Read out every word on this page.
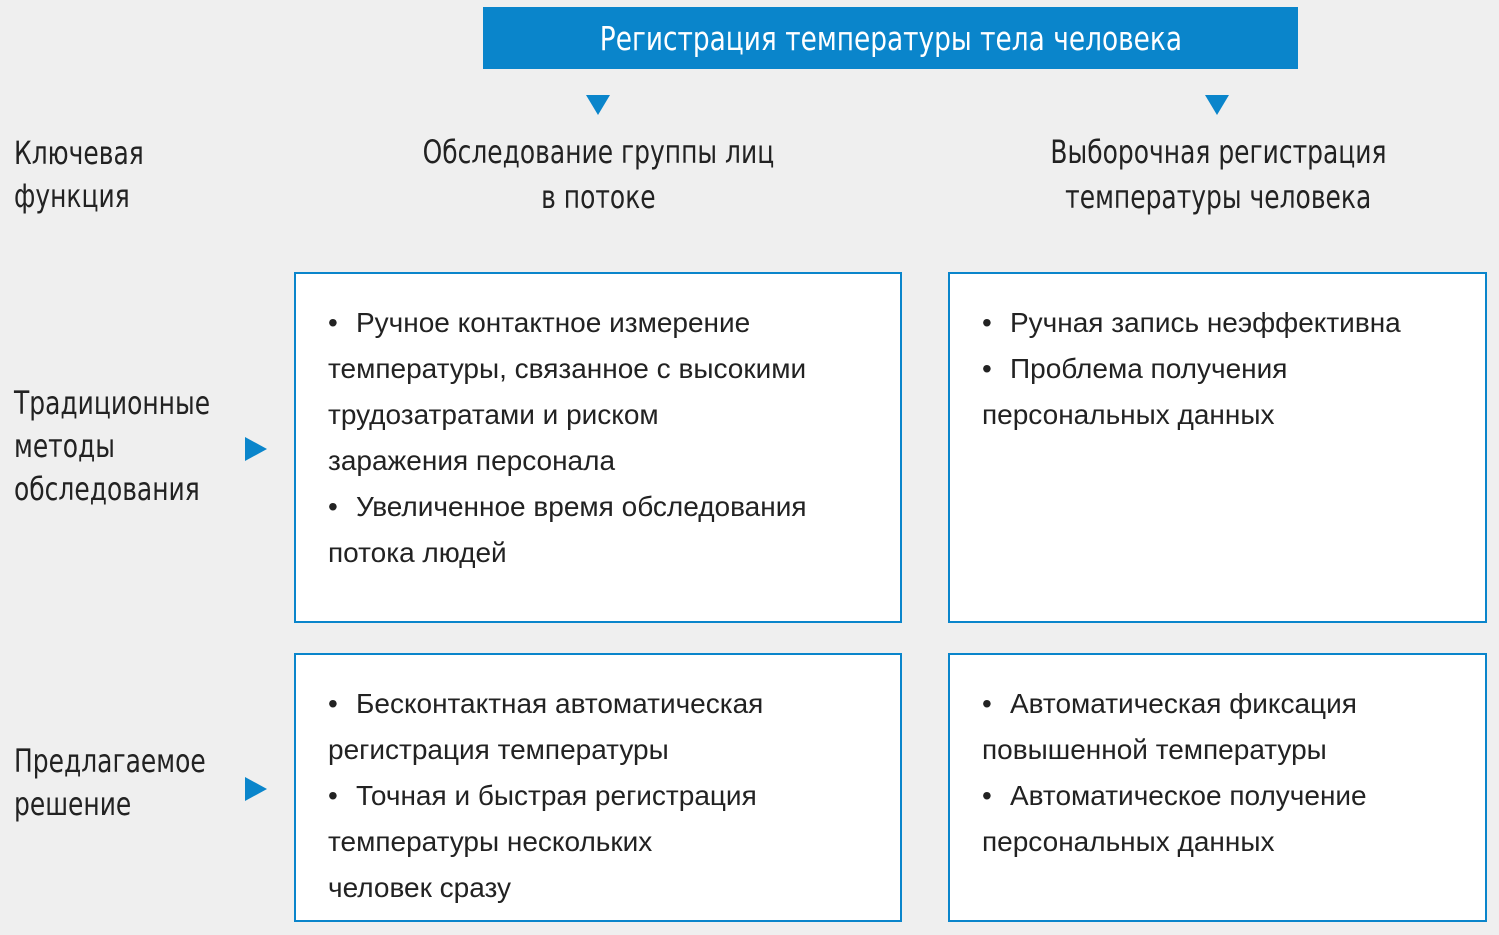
Регистрация температуры тела человека
Ключевая
функция
Обследование группы лиц
в потоке
Выборочная регистрация
температуры человека
Традиционные
методы
обследования
• Ручное контактное измерение
температуры, связанное с высокими
трудозатратами и риском
заражения персонала
• Увеличенное время обследования
потока людей
• Ручная запись неэффективна
• Проблема получения
персональных данных
Предлагаемое
решение
• Бесконтактная автоматическая
регистрация температуры
• Точная и быстрая регистрация
температуры нескольких
человек сразу
• Автоматическая фиксация
повышенной температуры
• Автоматическое получение
персональных данных
